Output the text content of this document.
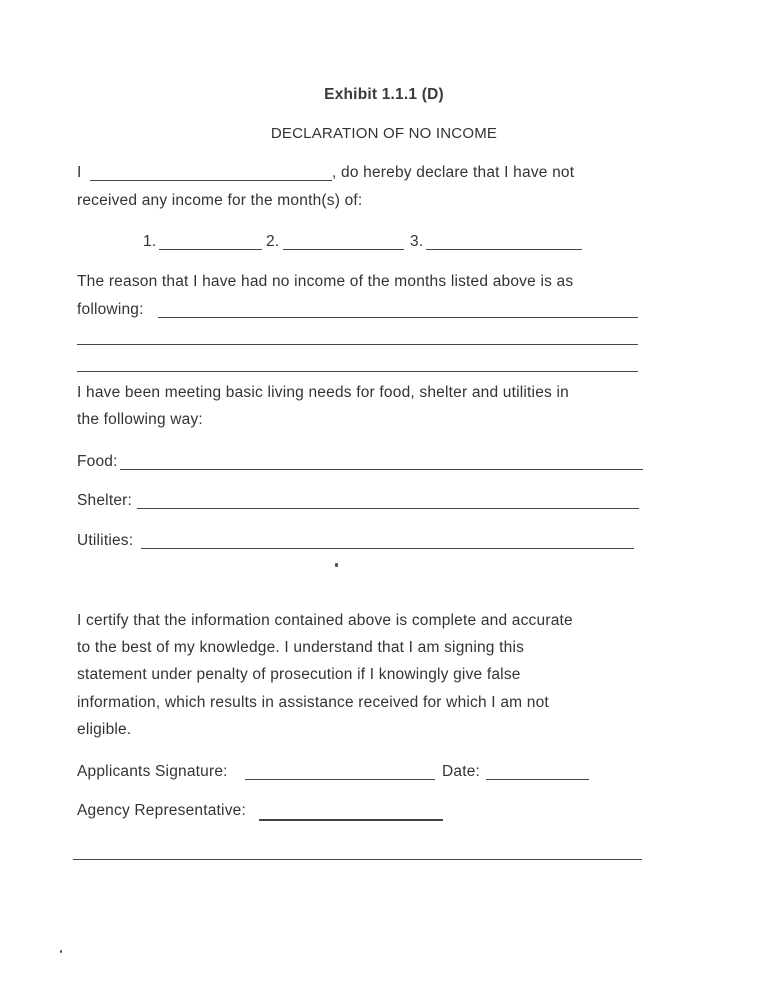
Exhibit 1.1.1 (D)
DECLARATION OF NO INCOME
I	, do hereby declare that I have not
received any income for the month(s) of:
1.	2.	3.
The reason that I have had no income of the months listed above is as
following:
I have been meeting basic living needs for food, shelter and utilities in
the following way:
Food:
Shelter:
Utilities:
I certify that the information contained above is complete and accurate
to the best of my knowledge. I understand that I am signing this
statement under penalty of prosecution if I knowingly give false
information, which results in assistance received for which I am not
eligible.
Applicants Signature:	Date:
Agency Representative:
